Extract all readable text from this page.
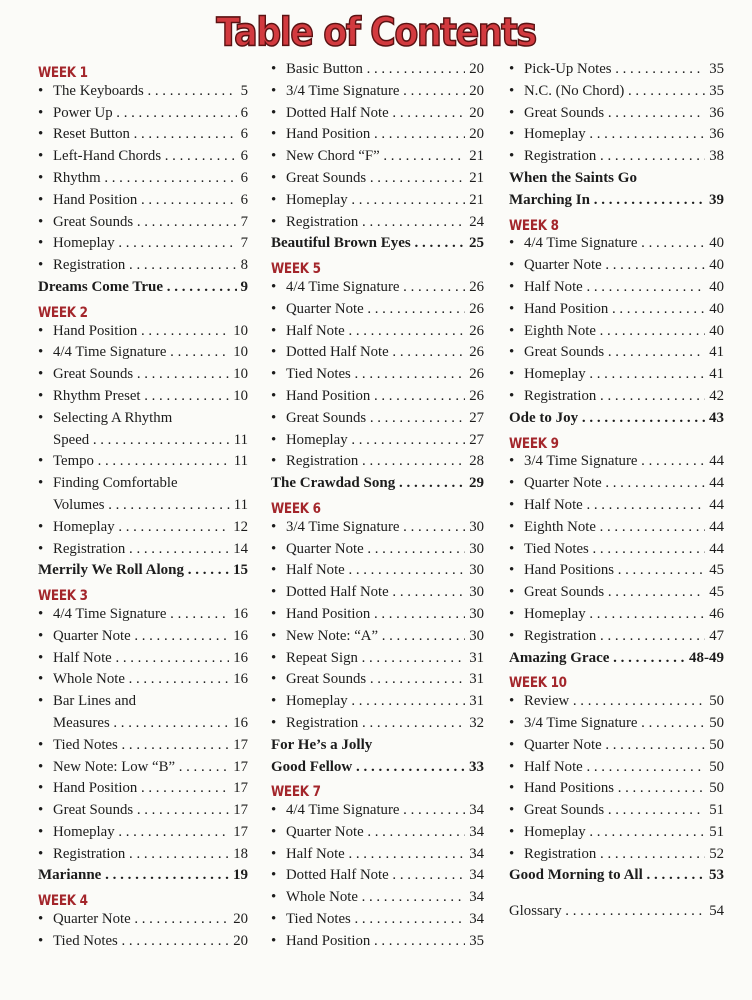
Table of Contents
WEEK 1
• The Keyboards . . .	5
• Power Up . . .	6
• Reset Button . . .	6
• Left-Hand Chords . . .	6
• Rhythm . . .	6
• Hand Position . . .	6
• Great Sounds . . .	7
• Homeplay . . .	7
• Registration . . .	8
Dreams Come True . . .	9
WEEK 2
• Hand Position . . .	10
• 4/4 Time Signature . . .	10
• Great Sounds . . .	10
• Rhythm Preset . . .	10
• Selecting A Rhythm
Speed . . .	11
• Tempo . . .	11
• Finding Comfortable
Volumes . . .	11
• Homeplay . . .	12
• Registration . . .	14
Merrily We Roll Along . . .	15
WEEK 3
• 4/4 Time Signature . . .	16
• Quarter Note . . .	16
• Half Note . . .	16
• Whole Note . . .	16
• Bar Lines and
Measures . . .	16
• Tied Notes . . .	17
• New Note: Low “B” . . .	17
• Hand Position . . .	17
• Great Sounds . . .	17
• Homeplay . . .	17
• Registration . . .	18
Marianne . . .	19
WEEK 4
• Quarter Note . . .	20
• Tied Notes . . .	20
• Basic Button . . .	20
• 3/4 Time Signature . . .	20
• Dotted Half Note . . .	20
• Hand Position . . .	20
• New Chord “F” . . .	21
• Great Sounds . . .	21
• Homeplay . . .	21
• Registration . . .	24
Beautiful Brown Eyes . . .	25
WEEK 5
• 4/4 Time Signature . . .	26
• Quarter Note . . .	26
• Half Note . . .	26
• Dotted Half Note . . .	26
• Tied Notes . . .	26
• Hand Position . . .	26
• Great Sounds . . .	27
• Homeplay . . .	27
• Registration . . .	28
The Crawdad Song . . .	29
WEEK 6
• 3/4 Time Signature . . .	30
• Quarter Note . . .	30
• Half Note . . .	30
• Dotted Half Note . . .	30
• Hand Position . . .	30
• New Note: “A” . . .	30
• Repeat Sign . . .	31
• Great Sounds . . .	31
• Homeplay . . .	31
• Registration . . .	32
For He’s a Jolly
Good Fellow . . .	33
WEEK 7
• 4/4 Time Signature . . .	34
• Quarter Note . . .	34
• Half Note . . .	34
• Dotted Half Note . . .	34
• Whole Note . . .	34
• Tied Notes . . .	34
• Hand Position . . .	35
• Pick-Up Notes . . .	35
• N.C. (No Chord) . . .	35
• Great Sounds . . .	36
• Homeplay . . .	36
• Registration . . .	38
When the Saints Go
Marching In . . .	39
WEEK 8
• 4/4 Time Signature . . .	40
• Quarter Note . . .	40
• Half Note . . .	40
• Hand Position . . .	40
• Eighth Note . . .	40
• Great Sounds . . .	41
• Homeplay . . .	41
• Registration . . .	42
Ode to Joy . . .	43
WEEK 9
• 3/4 Time Signature . . .	44
• Quarter Note . . .	44
• Half Note . . .	44
• Eighth Note . . .	44
• Tied Notes . . .	44
• Hand Positions . . .	45
• Great Sounds . . .	45
• Homeplay . . .	46
• Registration . . .	47
Amazing Grace . . .	48-49
WEEK 10
• Review . . .	50
• 3/4 Time Signature . . .	50
• Quarter Note . . .	50
• Half Note . . .	50
• Hand Positions . . .	50
• Great Sounds . . .	51
• Homeplay . . .	51
• Registration . . .	52
Good Morning to All . . .	53
Glossary . . .	54
